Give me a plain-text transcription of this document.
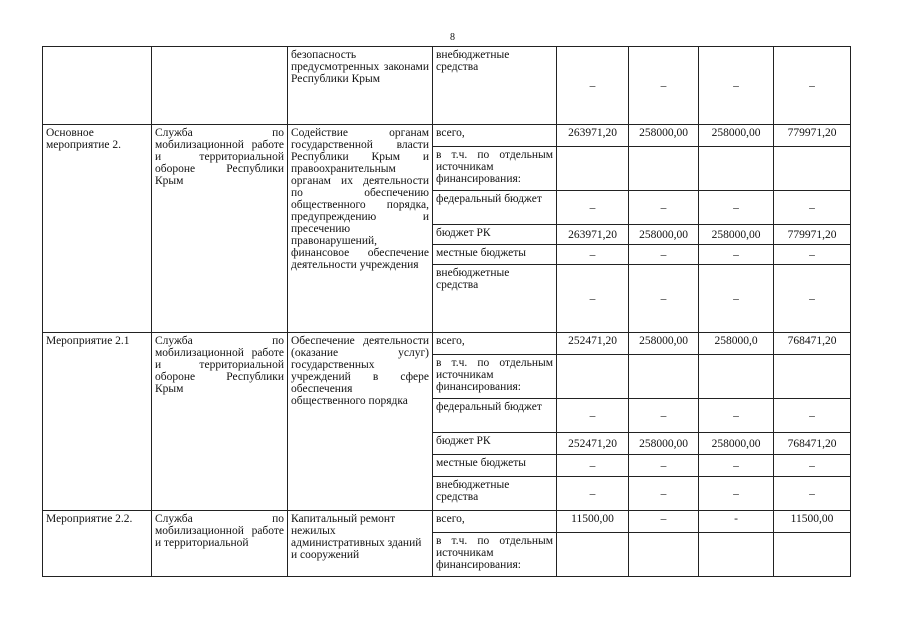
8
		безопасность предусмотренных законами Республики Крым	внебюджетные средства	–	–	–	–
Основное мероприятие 2.	Служба по мобилизационной работе и территориальной обороне Республики Крым	Содействие органам государственной власти Республики Крым и правоохранительным органам их деятельности по обеспечению общественного порядка, предупреждению и пресечению правонарушений, финансовое обеспечение деятельности учреждения	всего,	263971,20	258000,00	258000,00	779971,20
			в т.ч. по отдельным источникам финансирования:				
			федеральный бюджет	–	–	–	–
			бюджет РК	263971,20	258000,00	258000,00	779971,20
			местные бюджеты	–	–	–	–
			внебюджетные средства	–	–	–	–
Мероприятие 2.1	Служба по мобилизационной работе и территориальной обороне Республики Крым	Обеспечение деятельности (оказание услуг) государственных учреждений в сфере обеспечения общественного порядка	всего,	252471,20	258000,00	258000,0	768471,20
			в т.ч. по отдельным источникам финансирования:				
			федеральный бюджет	–	–	–	–
			бюджет РК	252471,20	258000,00	258000,00	768471,20
			местные бюджеты	–	–	–	–
			внебюджетные средства	–	–	–	–
Мероприятие 2.2.	Служба по мобилизационной работе и территориальной	Капитальный ремонт нежилых административных зданий и сооружений	всего,	11500,00	–	-	11500,00
			в т.ч. по отдельным источникам финансирования:				
